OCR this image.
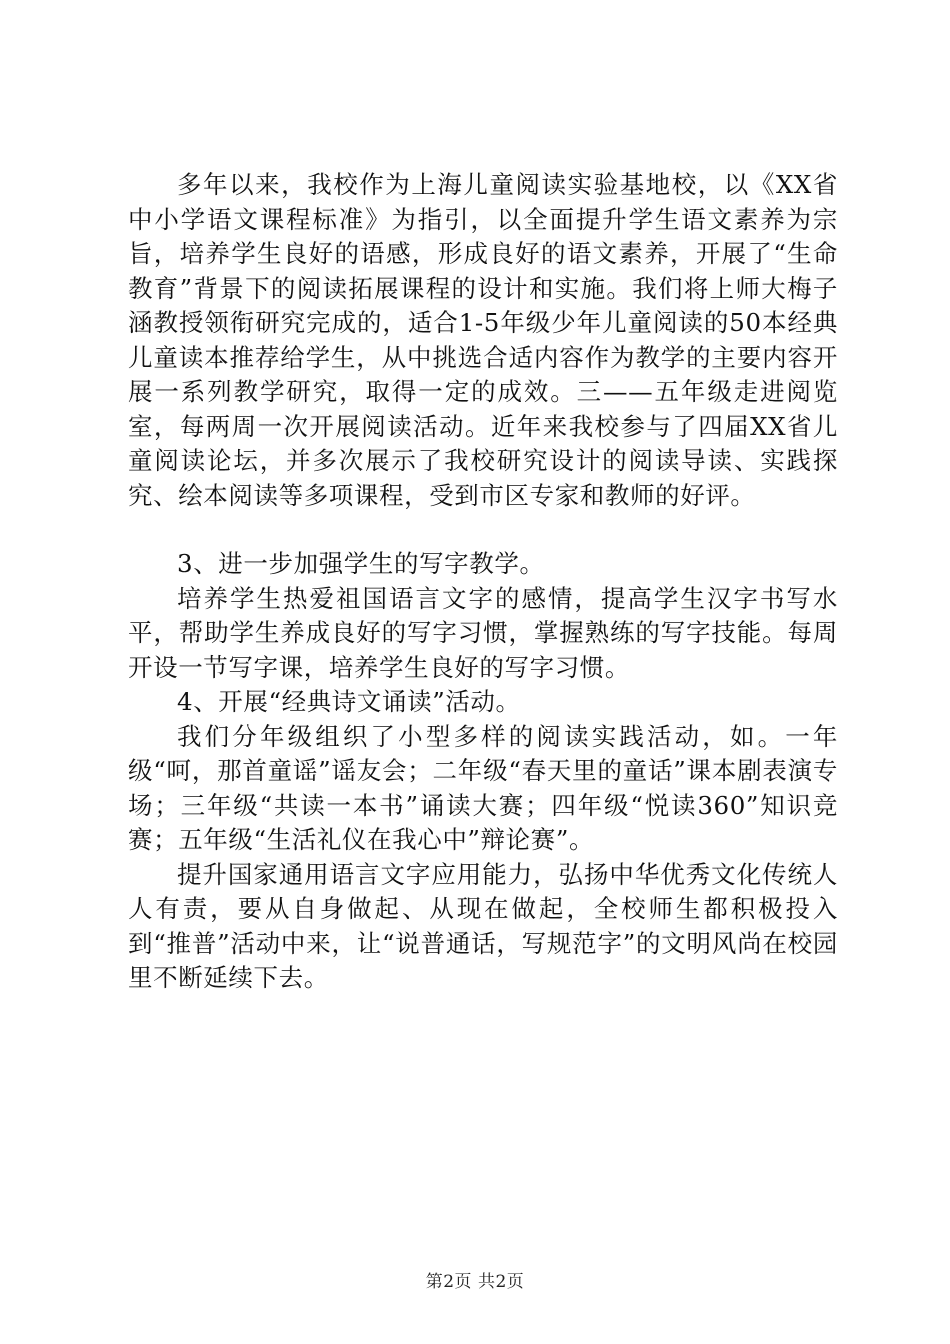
多年以来，我校作为上海儿童阅读实验基地校，以《XX省中小学语文课程标准》为指引，以全面提升学生语文素养为宗旨，培养学生良好的语感，形成良好的语文素养，开展了“生命教育”背景下的阅读拓展课程的设计和实施。我们将上师大梅子涵教授领衔研究完成的，适合1-5年级少年儿童阅读的50本经典儿童读本推荐给学生，从中挑选合适内容作为教学的主要内容开展一系列教学研究，取得一定的成效。三——五年级走进阅览室，每两周一次开展阅读活动。近年来我校参与了四届XX省儿童阅读论坛，并多次展示了我校研究设计的阅读导读、实践探究、绘本阅读等多项课程，受到市区专家和教师的好评。

3、进一步加强学生的写字教学。

培养学生热爱祖国语言文字的感情，提高学生汉字书写水平，帮助学生养成良好的写字习惯，掌握熟练的写字技能。每周开设一节写字课，培养学生良好的写字习惯。

4、开展“经典诗文诵读”活动。

我们分年级组织了小型多样的阅读实践活动，如。一年级“呵，那首童谣”谣友会；二年级“春天里的童话”课本剧表演专场；三年级“共读一本书”诵读大赛；四年级“悦读360”知识竞赛；五年级“生活礼仪在我心中”辩论赛”。

提升国家通用语言文字应用能力，弘扬中华优秀文化传统人人有责，要从自身做起、从现在做起，全校师生都积极投入到“推普”活动中来，让“说普通话，写规范字”的文明风尚在校园里不断延续下去。

第2页 共2页
